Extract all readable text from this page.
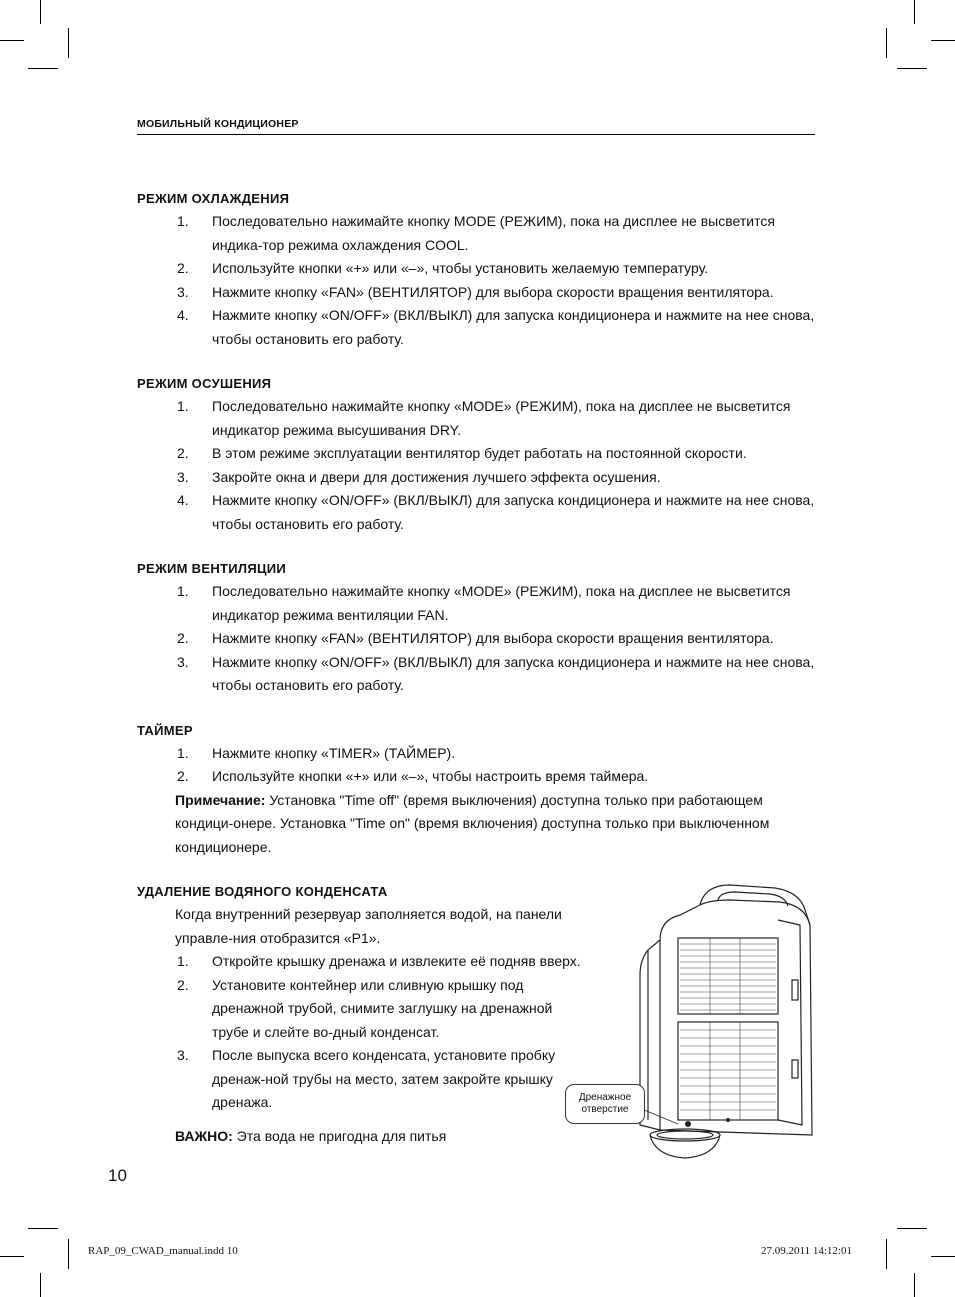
МОБИЛЬНЫЙ КОНДИЦИОНЕР
РЕЖИМ ОХЛАЖДЕНИЯ
1. Последовательно нажимайте кнопку MODE (РЕЖИМ), пока на дисплее не высветится индика-тор режима охлаждения COOL.
2. Используйте кнопки «+» или «–», чтобы установить желаемую температуру.
3. Нажмите кнопку «FAN» (ВЕНТИЛЯТОР) для выбора скорости вращения вентилятора.
4. Нажмите кнопку «ON/OFF» (ВКЛ/ВЫКЛ) для запуска кондиционера и нажмите на нее снова, чтобы остановить его работу.
РЕЖИМ ОСУШЕНИЯ
1. Последовательно нажимайте кнопку «MODE» (РЕЖИМ), пока на дисплее не высветится индикатор режима высушивания DRY.
2. В этом режиме эксплуатации вентилятор будет работать на постоянной скорости.
3. Закройте окна и двери для достижения лучшего эффекта осушения.
4. Нажмите кнопку «ON/OFF» (ВКЛ/ВЫКЛ) для запуска кондиционера и нажмите на нее снова, чтобы остановить его работу.
РЕЖИМ ВЕНТИЛЯЦИИ
1. Последовательно нажимайте кнопку «MODE» (РЕЖИМ), пока на дисплее не высветится индикатор режима вентиляции FAN.
2. Нажмите кнопку «FAN» (ВЕНТИЛЯТОР) для выбора скорости вращения вентилятора.
3. Нажмите кнопку «ON/OFF» (ВКЛ/ВЫКЛ) для запуска кондиционера и нажмите на нее снова, чтобы остановить его работу.
ТАЙМЕР
1. Нажмите кнопку «TIMER» (ТАЙМЕР).
2. Используйте кнопки «+» или «–», чтобы настроить время таймера.
Примечание: Установка "Time off" (время выключения) доступна только при работающем кондици-онере. Установка "Time on" (время включения) доступна только при выключенном кондиционере.
УДАЛЕНИЕ ВОДЯНОГО КОНДЕНСАТА
Когда внутренний резервуар заполняется водой, на панели управле-ния отобразится «P1».
1. Откройте крышку дренажа и извлеките её подняв вверх.
2. Установите контейнер или сливную крышку под дренажной трубой, снимите заглушку на дренажной трубе и слейте во-дный конденсат.
3. После выпуска всего конденсата, установите пробку дренаж-ной трубы на место, затем закройте крышку дренажа.
ВАЖНО: Эта вода не пригодна для питья
Дренажное
отверстие
10
RAP_09_CWAD_manual.indd 10	27.09.2011 14:12:01
